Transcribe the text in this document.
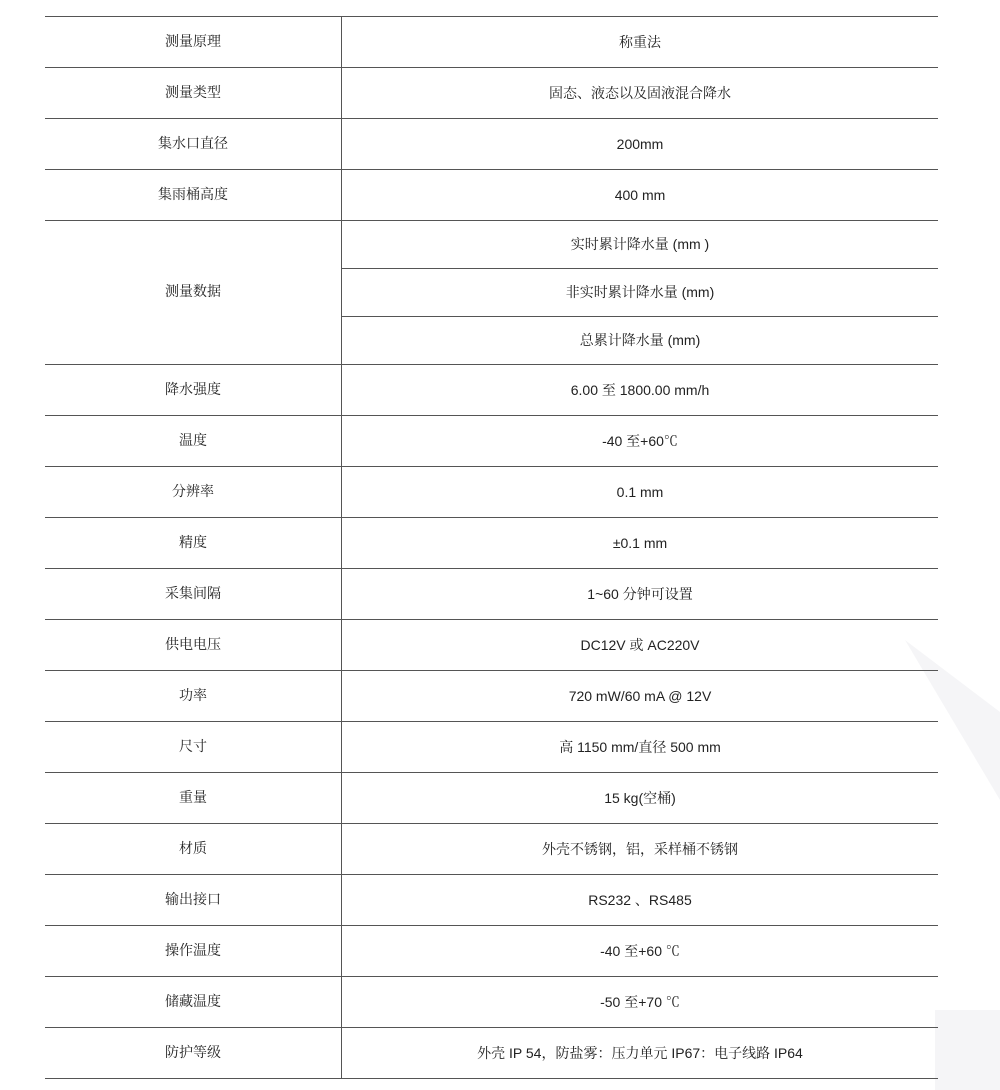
测量原理	称重法
测量类型	固态、液态以及固液混合降水
集水口直径	200mm
集雨桶高度	400 mm
测量数据	实时累计降水量 (mm )
	非实时累计降水量 (mm)
	总累计降水量 (mm)
降水强度	6.00 至 1800.00 mm/h
温度	-40 至+60℃
分辨率	0.1 mm
精度	±0.1 mm
采集间隔	1~60 分钟可设置
供电电压	DC12V 或 AC220V
功率	720 mW/60 mA @ 12V
尺寸	高 1150 mm/直径 500 mm
重量	15 kg(空桶)
材质	外壳不锈钢，铝，采样桶不锈钢
输出接口	RS232 、RS485
操作温度	-40 至+60 ℃
储藏温度	-50 至+70 ℃
防护等级	外壳 IP 54，防盐雾：压力单元 IP67：电子线路 IP64
